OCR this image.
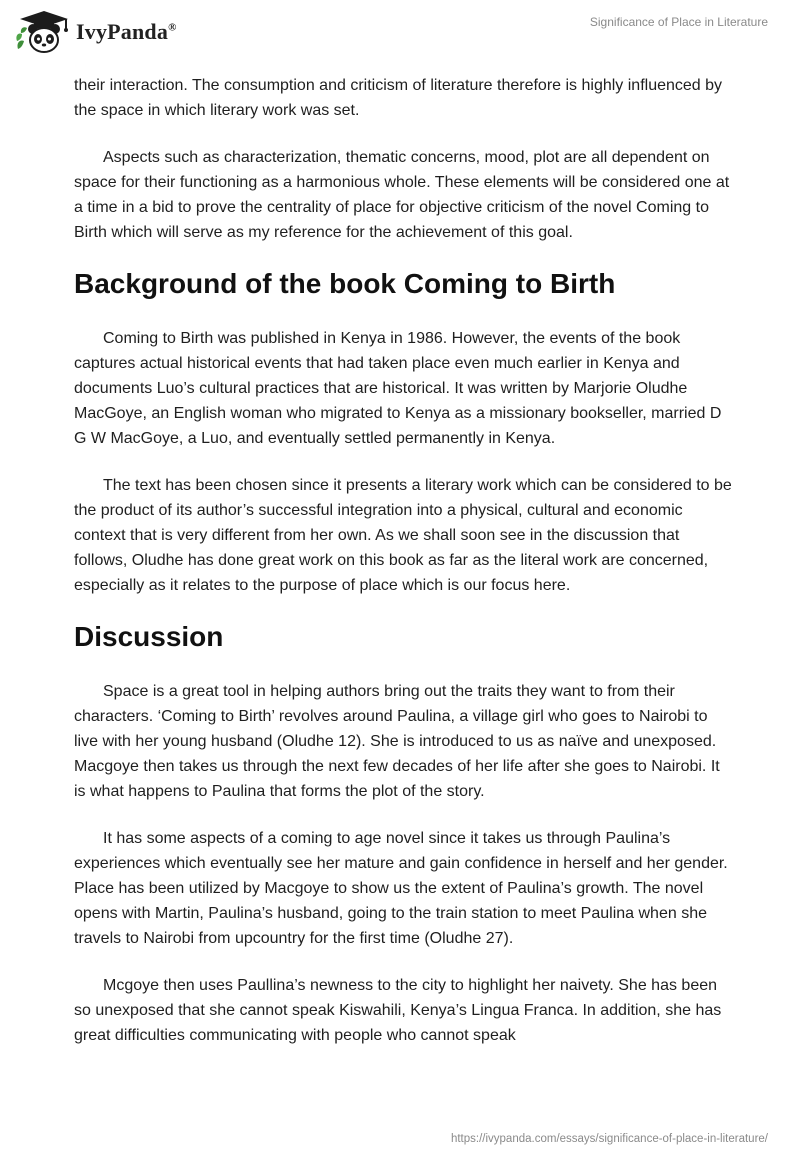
IvyPanda®	Significance of Place in Literature

their interaction. The consumption and criticism of literature therefore is highly influenced by the space in which literary work was set.

Aspects such as characterization, thematic concerns, mood, plot are all dependent on space for their functioning as a harmonious whole. These elements will be considered one at a time in a bid to prove the centrality of place for objective criticism of the novel Coming to Birth which will serve as my reference for the achievement of this goal.

Background of the book Coming to Birth

Coming to Birth was published in Kenya in 1986. However, the events of the book captures actual historical events that had taken place even much earlier in Kenya and documents Luo’s cultural practices that are historical. It was written by Marjorie Oludhe MacGoye, an English woman who migrated to Kenya as a missionary bookseller, married D G W MacGoye, a Luo, and eventually settled permanently in Kenya.

The text has been chosen since it presents a literary work which can be considered to be the product of its author’s successful integration into a physical, cultural and economic context that is very different from her own. As we shall soon see in the discussion that follows, Oludhe has done great work on this book as far as the literal work are concerned, especially as it relates to the purpose of place which is our focus here.

Discussion

Space is a great tool in helping authors bring out the traits they want to from their characters. ‘Coming to Birth’ revolves around Paulina, a village girl who goes to Nairobi to live with her young husband (Oludhe 12). She is introduced to us as naïve and unexposed. Macgoye then takes us through the next few decades of her life after she goes to Nairobi. It is what happens to Paulina that forms the plot of the story.

It has some aspects of a coming to age novel since it takes us through Paulina’s experiences which eventually see her mature and gain confidence in herself and her gender. Place has been utilized by Macgoye to show us the extent of Paulina’s growth. The novel opens with Martin, Paulina’s husband, going to the train station to meet Paulina when she travels to Nairobi from upcountry for the first time (Oludhe 27).

Mcgoye then uses Paullina’s newness to the city to highlight her naivety. She has been so unexposed that she cannot speak Kiswahili, Kenya’s Lingua Franca. In addition, she has great difficulties communicating with people who cannot speak

https://ivypanda.com/essays/significance-of-place-in-literature/
